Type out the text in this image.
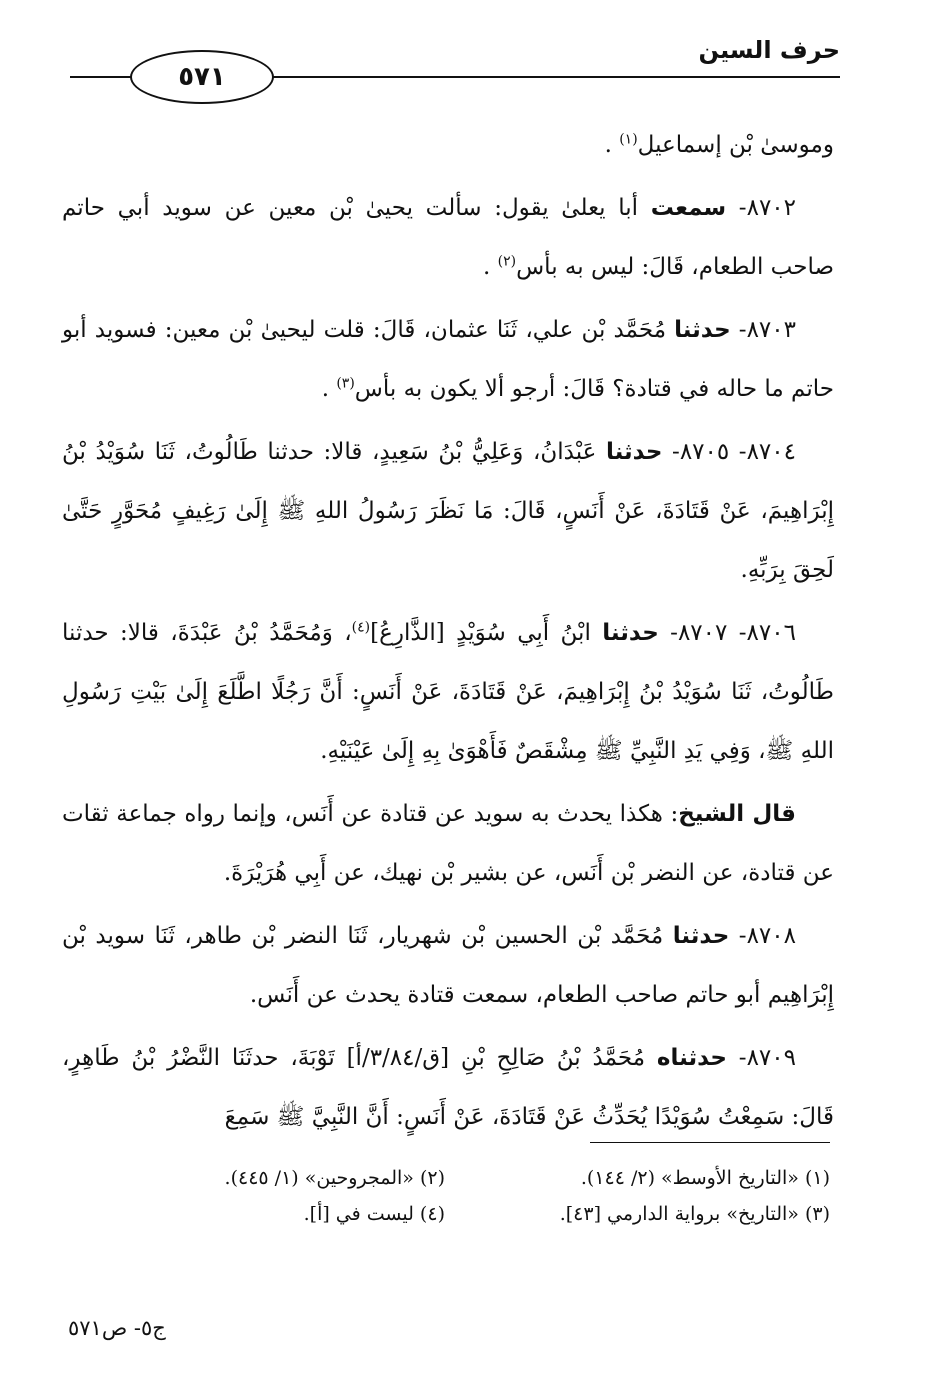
حرف السين
٥٧١

وموسىٰ بْن إسماعيل$^{(١)}$ .

٨٧٠٢- سمعت أبا يعلىٰ يقول: سألت يحيىٰ بْن معين عن سويد أبي حاتم صاحب الطعام، قَالَ: ليس به بأس$^{(٢)}$ .

٨٧٠٣- حدثنا مُحَمَّد بْن علي، ثَنَا عثمان، قَالَ: قلت ليحيىٰ بْن معين: فسويد أبو حاتم ما حاله في قتادة؟ قَالَ: أرجو ألا يكون به بأس$^{(٣)}$ .

٨٧٠٤- ٨٧٠٥- حدثنا عَبْدَانُ، وَعَلِيُّ بْنُ سَعِيدٍ، قالا: حدثنا طَالُوتُ، ثَنَا سُوَيْدُ بْنُ إِبْرَاهِيمَ، عَنْ قَتَادَةَ، عَنْ أَنَسٍ، قَالَ: مَا نَظَرَ رَسُولُ اللهِ ﷺ إِلَىٰ رَغِيفٍ مُحَوَّرٍ حَتَّىٰ لَحِقَ بِرَبِّهِ.

٨٧٠٦- ٨٧٠٧- حدثنا ابْنُ أَبِي سُوَيْدٍ [الذَّارِعُ]$^{(٤)}$، وَمُحَمَّدُ بْنُ عَبْدَةَ، قالا: حدثنا طَالُوتُ، ثَنَا سُوَيْدُ بْنُ إِبْرَاهِيمَ، عَنْ قَتَادَةَ، عَنْ أَنَسٍ: أَنَّ رَجُلًا اطَّلَعَ إِلَىٰ بَيْتِ رَسُولِ اللهِ ﷺ، وَفِي يَدِ النَّبِيِّ ﷺ مِشْقَصٌ فَأَهْوَىٰ بِهِ إِلَىٰ عَيْنَيْهِ.

قال الشيخ: هكذا يحدث به سويد عن قتادة عن أَنَس، وإنما رواه جماعة ثقات عن قتادة، عن النضر بْن أَنَس، عن بشير بْن نهيك، عن أَبِي هُرَيْرَةَ.

٨٧٠٨- حدثنا مُحَمَّد بْن الحسين بْن شهريار، ثَنَا النضر بْن طاهر، ثَنَا سويد بْن إِبْرَاهِيم أبو حاتم صاحب الطعام، سمعت قتادة يحدث عن أَنَس.

٨٧٠٩- حدثناه مُحَمَّدُ بْنُ صَالِحِ بْنِ [ق/٣/٨٤/أ] تَوْبَةَ، حدثَنَا النَّضْرُ بْنُ طَاهِرٍ، قَالَ: سَمِعْتُ سُوَيْدًا يُحَدِّثُ عَنْ قَتَادَةَ، عَنْ أَنَسٍ: أَنَّ النَّبِيَّ ﷺ سَمِعَ

(١) «التاريخ الأوسط» (٢/ ١٤٤).
(٢) «المجروحين» (١/ ٤٤٥).
(٣) «التاريخ» برواية الدارمي [٤٣].
(٤) ليست في [أ].
ج٥- ص٥٧١
